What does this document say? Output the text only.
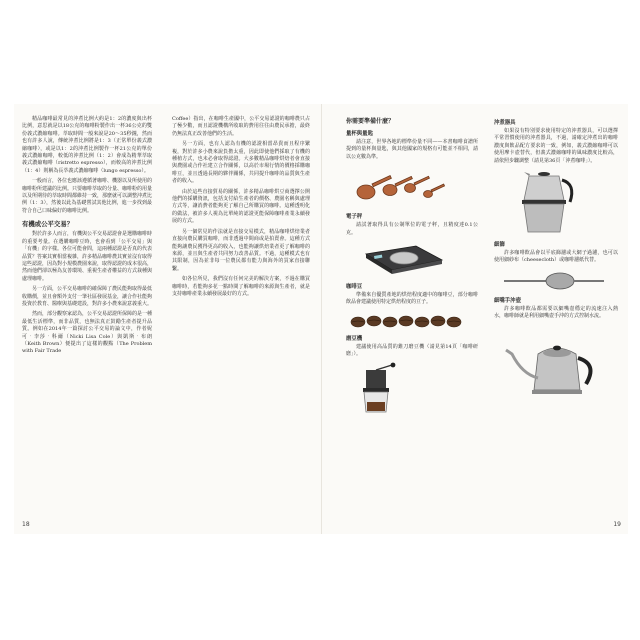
精品咖啡最常見的沖煮比例大約是1：2的濃度與出杯比例，意思就是以18公克的咖啡粉製作出一杯36公克的雙份義式濃縮咖啡。萃取時間一般來說是20～35秒鐘，然而也有許多人說，傳統沖煮比例將是1：3（正常單份義式濃縮咖啡），或是以1：2的沖煮比例製作一杯21公克的單份義式濃縮咖啡，較低的沖煮比例（1：2）會成為精華萃取義式濃縮咖啡（ristretto espresso），而較高的沖煮比例（1：4）則稱為長萃義式濃縮咖啡（lungo espresso）。

一般而言，各位也應該遵循著咖啡、機器以及所使用的咖啡粉所建議的比例。只要咖啡萃取的分量、咖啡粉的用量以及所期待的萃取時間都維持一致，那麼就可以調整沖煮比例（1：3），然後以此為基礎嘗試其他比例，進一步找到最符合自己口味偏好的咖啡比例。

有機或公平交易？

對於許多人而言，有機與公平交易認證會是選購咖啡時的重要考量。在選購咖啡豆時，也會看到「公平交易」與「有機」的字樣。各位可能會問，這兩種認證是否真的代表品質？答案其實相當複雜，許多精品咖啡農其實並沒有取得這些認證，因為對小規模農園來說，取得認證的成本很高，然而他們卻以極為友善環境、重視生產者權益的方式栽種與處理咖啡。

另一方面，公平交易咖啡的確保障了農民能夠取得最低收購價，並且會額外支付一筆社區發展基金，讓合作社能夠投資於教育、醫療與基礎建設，對許多小農來說意義重大。

然而，部分觀察家認為，公平交易認證所保障的是一種最低生活標準，而非品質，也無法真正鼓勵生產者提升品質。例如在2014年一篇探討公平交易的論文中，作者妮可‧李莎‧科爾（Nicki Lisa Cole）與凱斯‧布朗（Keith Brown）便提出了這樣的觀點（The Problem with Fair Trade

Coffee）指出，在咖啡生產國中，公平交易認證的咖啡農只占了極少數，而且認證機構所收取的費用往往由農民承擔，最終仍無法真正改善他們的生活。

另一方面，也有人認為有機的認證相當昂貴而且程序繁複，對於許多小農來說負擔太重，因此即使他們採取了有機的種植方式，也未必會取得認證。大多數精品咖啡烘焙者會直接與農園或合作社建立合作關係，以高於市場行情的價格採購咖啡豆，並且透過長期的夥伴關係，共同提升咖啡的品質與生產者的收入。

由於這些直接貿易的關係，許多精品咖啡烘豆商選擇公開他們的採購資訊，包括支付給生產者的價格、農園名稱與處理方式等，讓消費者能夠更了解自己所購買的咖啡。這種透明化的做法，被許多人視為比單純的認證更能保障咖啡產業永續發展的方式。

另一個常見的作法就是直接交易模式，精品咖啡烘焙業者直接向農民購買咖啡，而非透過中間商或是拍賣會。這種方式能夠讓農民獲得更高的收入，也能夠讓烘焙業者更了解咖啡的來源，並且與生產者共同努力改善品質。不過，這種模式也有其限制，因為並非每一位農民都有能力與海外的買家直接聯繫。

如各位所見，我們沒有任何完美的解決方案，不過在購買咖啡時，若能夠多花一點時間了解咖啡的來源與生產者，就是支持咖啡產業永續發展最好的方式。

18
你需要準備什麼？
量杯與量匙

請注意，世界各地的標準份量不同——本書咖啡食譜所提到的量杯與量匙，與其他國家的規格有可能並不相同，請以公克數為準。

電子秤

請試著取得具有公制單位的電子秤，且精度達0.1公克。

咖啡豆

準備來自優質產地的烘焙程度適中的咖啡豆，部分咖啡飲品會建議使用特定烘焙程度的豆子。

磨豆機

建議使用高品質的錐刀磨豆機（請見第14頁「咖啡研磨」）。

沖煮器具

如果沒有特別要求使用特定的沖煮器具，可以選擇平常習慣使用的沖煮器具，不過，請確定沖煮出的咖啡濃度與飲品配方要求的一致，例如，義式濃縮咖啡可以使用摩卡壺替代，但義式濃縮咖啡的風味濃度比較高，請依照步驟調整（請見第36頁「沖煮咖啡」）。

細篩

許多咖啡飲品會以平底篩濾或大網子過濾，也可以使用細紗布（cheesecloth）或咖啡濾紙代替。

細嘴手沖壺

許多咖啡飲品都需要以細嘴壺穩定的流速注入熱水，咖啡師就是利用細嘴壺手沖的方式控制水流。

19
